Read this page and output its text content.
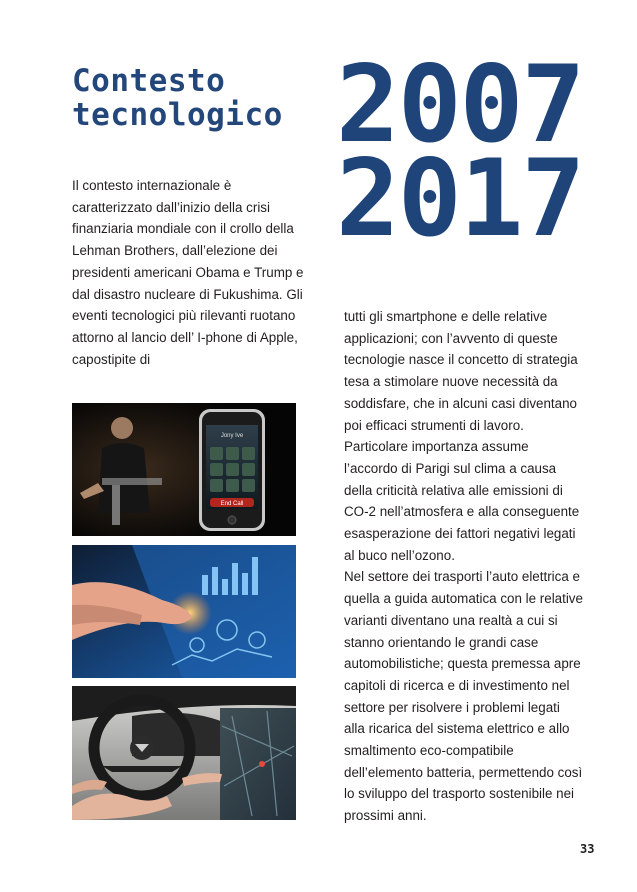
Contesto
tecnologico 2007
2017

Il contesto internazionale è caratterizzato dall’inizio della crisi finanziaria mondiale con il crollo della Lehman Brothers, dall’elezione dei presidenti americani Obama e Trump e dal disastro nucleare di Fukushima. Gli eventi tecnologici più rilevanti ruotano attorno al lancio dell’ I-phone di Apple, capostipite di

tutti gli smartphone e delle relative applicazioni; con l’avvento di queste tecnologie nasce il concetto di strategia tesa a stimolare nuove necessità da soddisfare, che in alcuni casi diventano poi efficaci strumenti di lavoro. Particolare importanza assume l’accordo di Parigi sul clima a causa della criticità relativa alle emissioni di CO-2 nell’atmosfera e alla conseguente esasperazione dei fattori negativi legati al buco nell’ozono.

Nel settore dei trasporti l’auto elettrica e quella a guida automatica con le relative varianti diventano una realtà a cui si stanno orientando le grandi case automobilistiche; questa premessa apre capitoli di ricerca e di investimento nel settore per risolvere i problemi legati alla ricarica del sistema elettrico e allo smaltimento eco-compatibile dell’elemento batteria, permettendo così lo sviluppo del trasporto sostenibile nei prossimi anni.

Jony Ive
End Call
33
